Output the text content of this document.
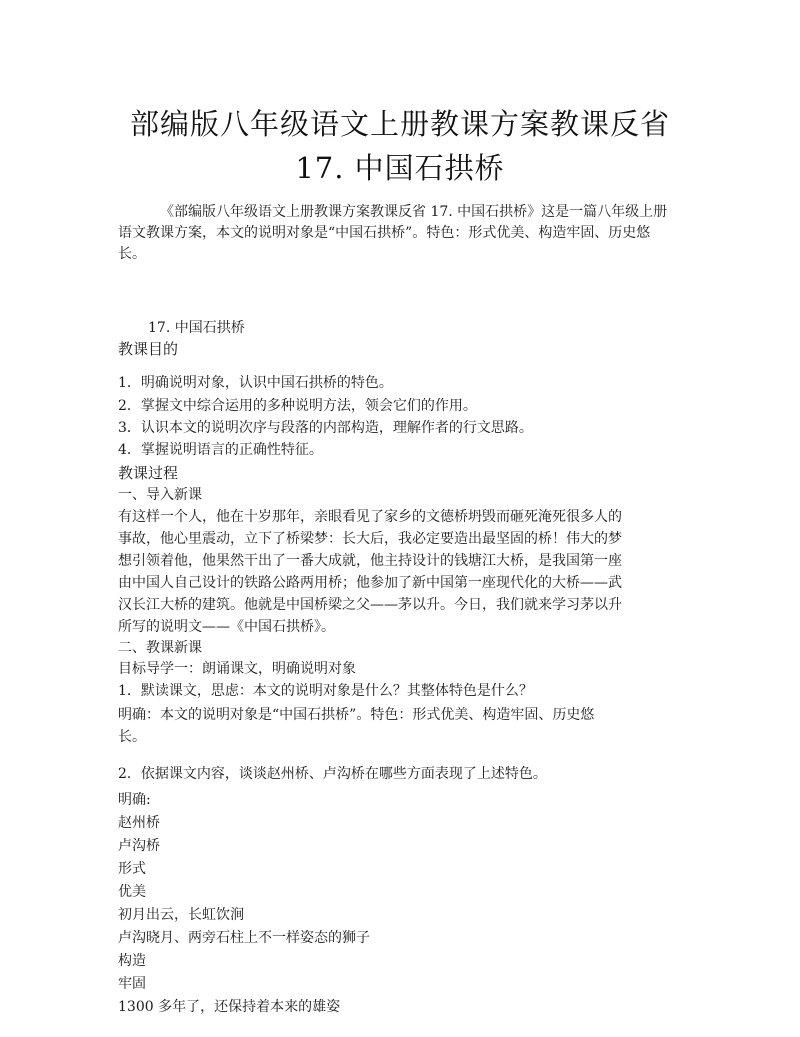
部编版八年级语文上册教课方案教课反省
17. 中国石拱桥
《部编版八年级语文上册教课方案教课反省 17. 中国石拱桥》这是一篇八年级上册语文教课方案，本文的说明对象是“中国石拱桥”。特色：形式优美、构造牢固、历史悠长。
17. 中国石拱桥
教课目的
1．明确说明对象，认识中国石拱桥的特色。
2．掌握文中综合运用的多种说明方法，领会它们的作用。
3．认识本文的说明次序与段落的内部构造，理解作者的行文思路。
4．掌握说明语言的正确性特征。
教课过程
一、导入新课
有这样一个人，他在十岁那年，亲眼看见了家乡的文德桥坍毁而砸死淹死很多人的
事故，他心里震动，立下了桥梁梦：长大后，我必定要造出最坚固的桥！伟大的梦
想引领着他，他果然干出了一番大成就，他主持设计的钱塘江大桥，是我国第一座
由中国人自己设计的铁路公路两用桥；他参加了新中国第一座现代化的大桥——武
汉长江大桥的建筑。他就是中国桥梁之父——茅以升。今日，我们就来学习茅以升
所写的说明文——《中国石拱桥》。
二、教课新课
目标导学一：朗诵课文，明确说明对象
1．默读课文，思虑：本文的说明对象是什么？其整体特色是什么？
明确：本文的说明对象是“中国石拱桥”。特色：形式优美、构造牢固、历史悠
长。
2．依据课文内容，谈谈赵州桥、卢沟桥在哪些方面表现了上述特色。
明确:
赵州桥
卢沟桥
形式
优美
初月出云，长虹饮涧
卢沟晓月、两旁石柱上不一样姿态的狮子
构造
牢固
1300 多年了，还保持着本来的雄姿
